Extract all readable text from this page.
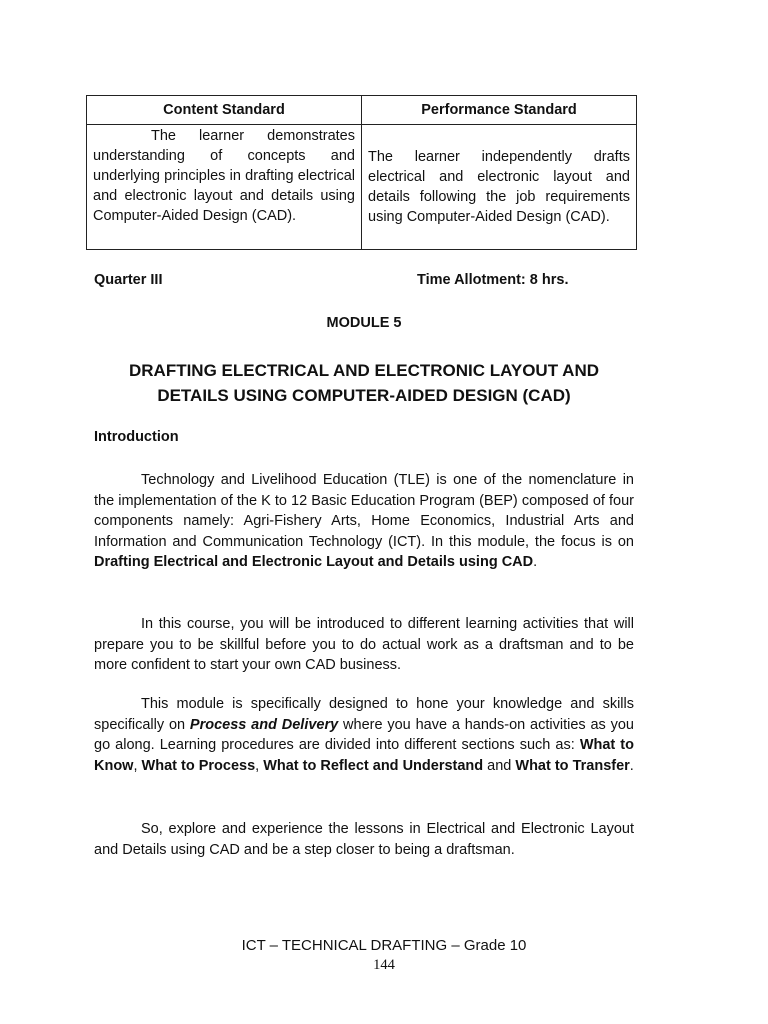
Content Standard	Performance Standard

The learner demonstrates understanding of concepts and underlying principles in drafting electrical and electronic layout and details using Computer-Aided Design (CAD).	The learner independently drafts electrical and electronic layout and details following the job requirements using Computer-Aided Design (CAD).
Quarter III	Time Allotment: 8 hrs.
MODULE 5
DRAFTING ELECTRICAL AND ELECTRONIC LAYOUT AND
DETAILS USING COMPUTER-AIDED DESIGN (CAD)
Introduction

Technology and Livelihood Education (TLE) is one of the nomenclature in the implementation of the K to 12 Basic Education Program (BEP) composed of four components namely: Agri-Fishery Arts, Home Economics, Industrial Arts and Information and Communication Technology (ICT). In this module, the focus is on Drafting Electrical and Electronic Layout and Details using CAD.

In this course, you will be introduced to different learning activities that will prepare you to be skillful before you to do actual work as a draftsman and to be more confident to start your own CAD business.

This module is specifically designed to hone your knowledge and skills specifically on Process and Delivery where you have a hands-on activities as you go along. Learning procedures are divided into different sections such as: What to Know, What to Process, What to Reflect and Understand and What to Transfer.

So, explore and experience the lessons in Electrical and Electronic Layout and Details using CAD and be a step closer to being a draftsman.

ICT – TECHNICAL DRAFTING – Grade 10
144
